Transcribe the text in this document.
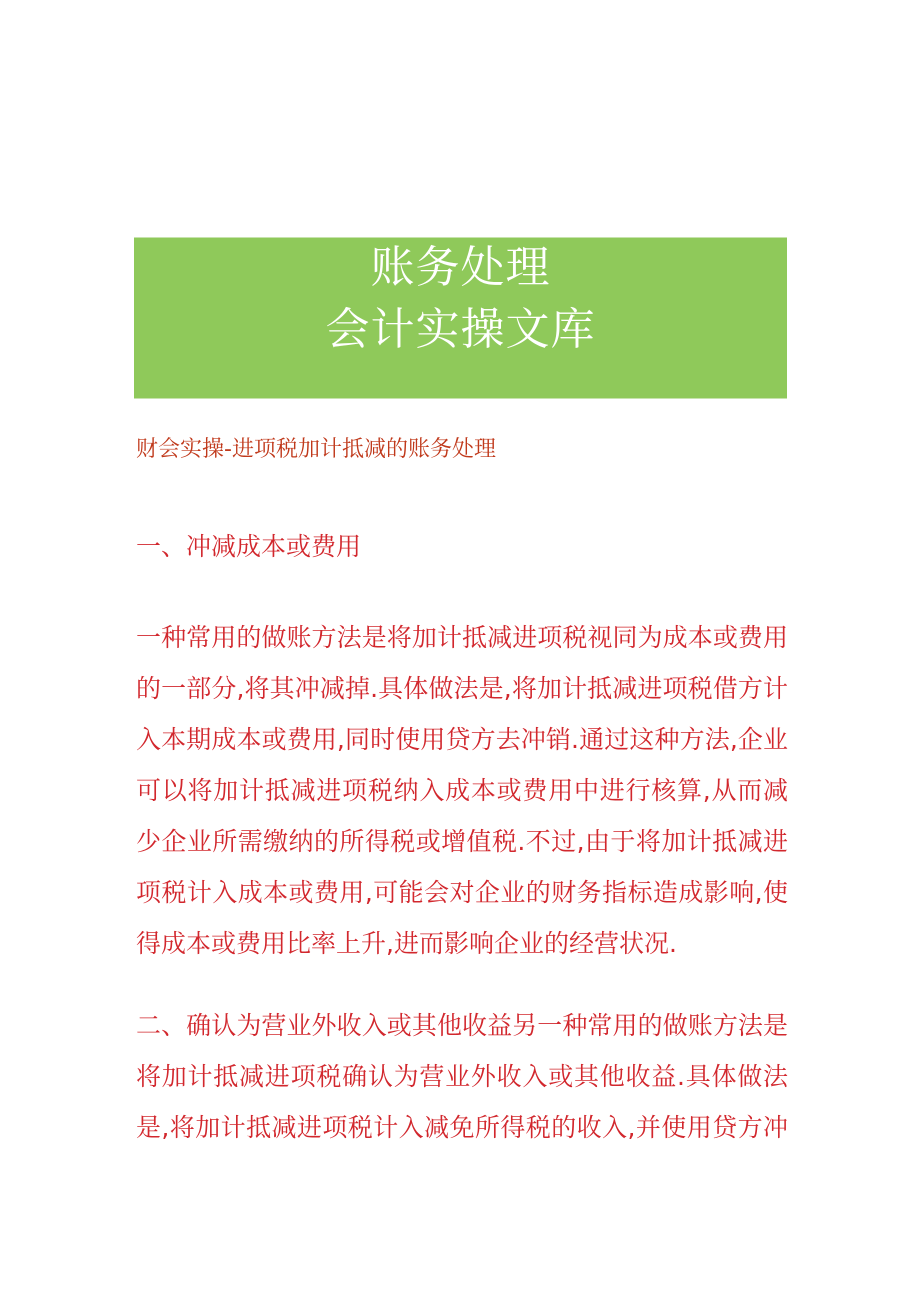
账务处理
会计实操文库
财会实操-进项税加计抵减的账务处理
一、冲减成本或费用
一种常用的做账方法是将加计抵减进项税视同为成本或费用
的一部分,将其冲减掉.具体做法是,将加计抵减进项税借方计
入本期成本或费用,同时使用贷方去冲销.通过这种方法,企业
可以将加计抵减进项税纳入成本或费用中进行核算,从而减
少企业所需缴纳的所得税或增值税.不过,由于将加计抵减进
项税计入成本或费用,可能会对企业的财务指标造成影响,使
得成本或费用比率上升,进而影响企业的经营状况.
二、确认为营业外收入或其他收益另一种常用的做账方法是
将加计抵减进项税确认为营业外收入或其他收益.具体做法
是,将加计抵减进项税计入减免所得税的收入,并使用贷方冲
